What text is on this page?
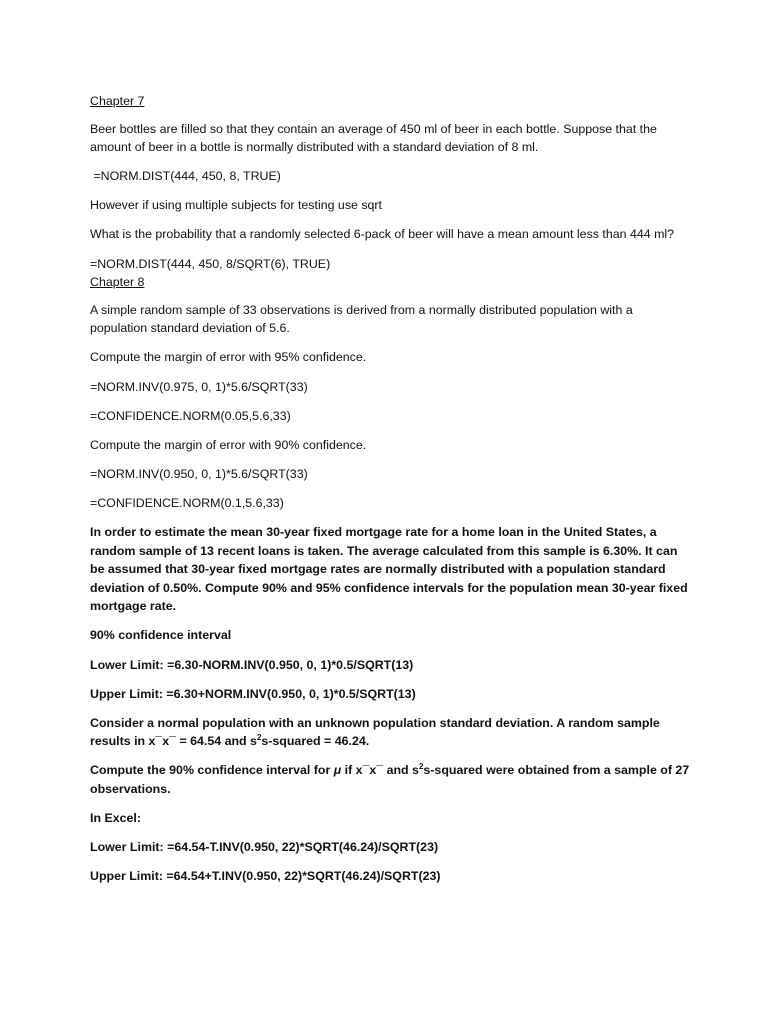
Chapter 7

Beer bottles are filled so that they contain an average of 450 ml of beer in each bottle. Suppose that the amount of beer in a bottle is normally distributed with a standard deviation of 8 ml.

=NORM.DIST(444, 450, 8, TRUE)

However if using multiple subjects for testing use sqrt

What is the probability that a randomly selected 6-pack of beer will have a mean amount less than 444 ml?

=NORM.DIST(444, 450, 8/SQRT(6), TRUE)

Chapter 8

A simple random sample of 33 observations is derived from a normally distributed population with a population standard deviation of 5.6.

Compute the margin of error with 95% confidence.

=NORM.INV(0.975, 0, 1)*5.6/SQRT(33)

=CONFIDENCE.NORM(0.05,5.6,33)

Compute the margin of error with 90% confidence.

=NORM.INV(0.950, 0, 1)*5.6/SQRT(33)

=CONFIDENCE.NORM(0.1,5.6,33)

In order to estimate the mean 30-year fixed mortgage rate for a home loan in the United States, a random sample of 13 recent loans is taken. The average calculated from this sample is 6.30%. It can be assumed that 30-year fixed mortgage rates are normally distributed with a population standard deviation of 0.50%. Compute 90% and 95% confidence intervals for the population mean 30-year fixed mortgage rate.

90% confidence interval

Lower Limit: =6.30-NORM.INV(0.950, 0, 1)*0.5/SQRT(13)

Upper Limit: =6.30+NORM.INV(0.950, 0, 1)*0.5/SQRT(13)

Consider a normal population with an unknown population standard deviation. A random sample results in x¯x¯ = 64.54 and $s^2s$-squared = 46.24.

Compute the 90% confidence interval for μ if x¯x¯ and $s^2s$-squared were obtained from a sample of 27 observations.

In Excel:

Lower Limit: =64.54-T.INV(0.950, 22)*SQRT(46.24)/SQRT(23)

Upper Limit: =64.54+T.INV(0.950, 22)*SQRT(46.24)/SQRT(23)
